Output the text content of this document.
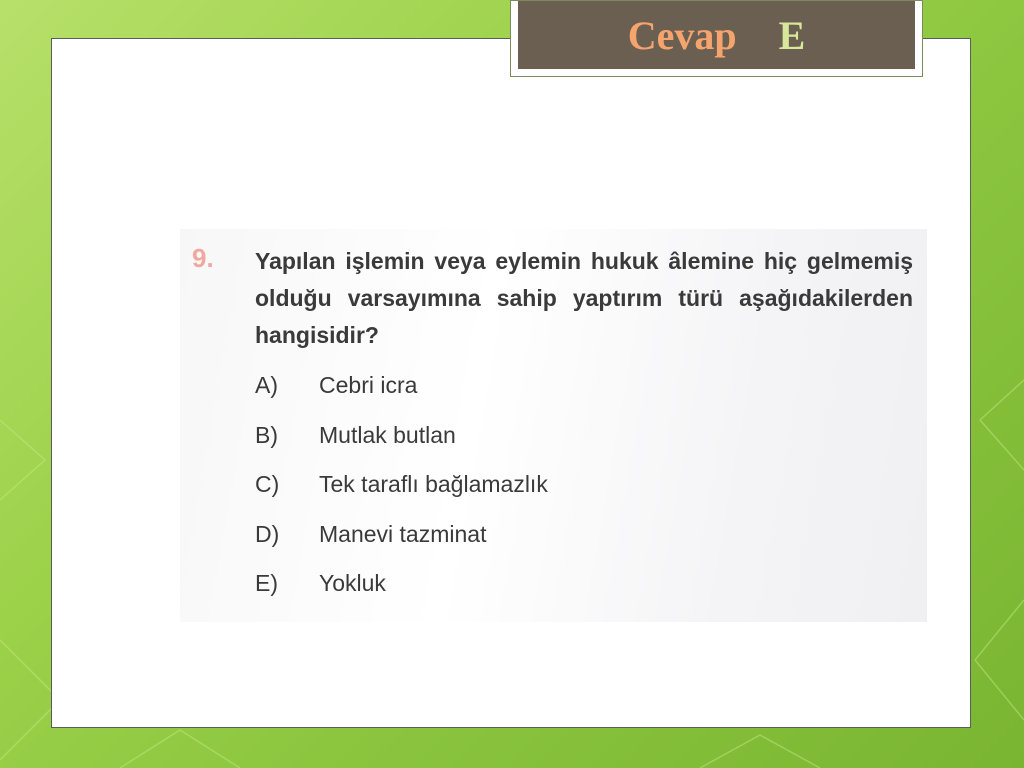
9. Yapılan işlemin veya eylemin hukuk âlemine hiç gelmemiş olduğu varsayımına sahip yaptırım türü aşağıdakilerden hangisidir?
A)	Cebri icra
B)	Mutlak butlan
C)	Tek taraflı bağlamazlık
D)	Manevi tazminat
E)	Yokluk
Cevap E
